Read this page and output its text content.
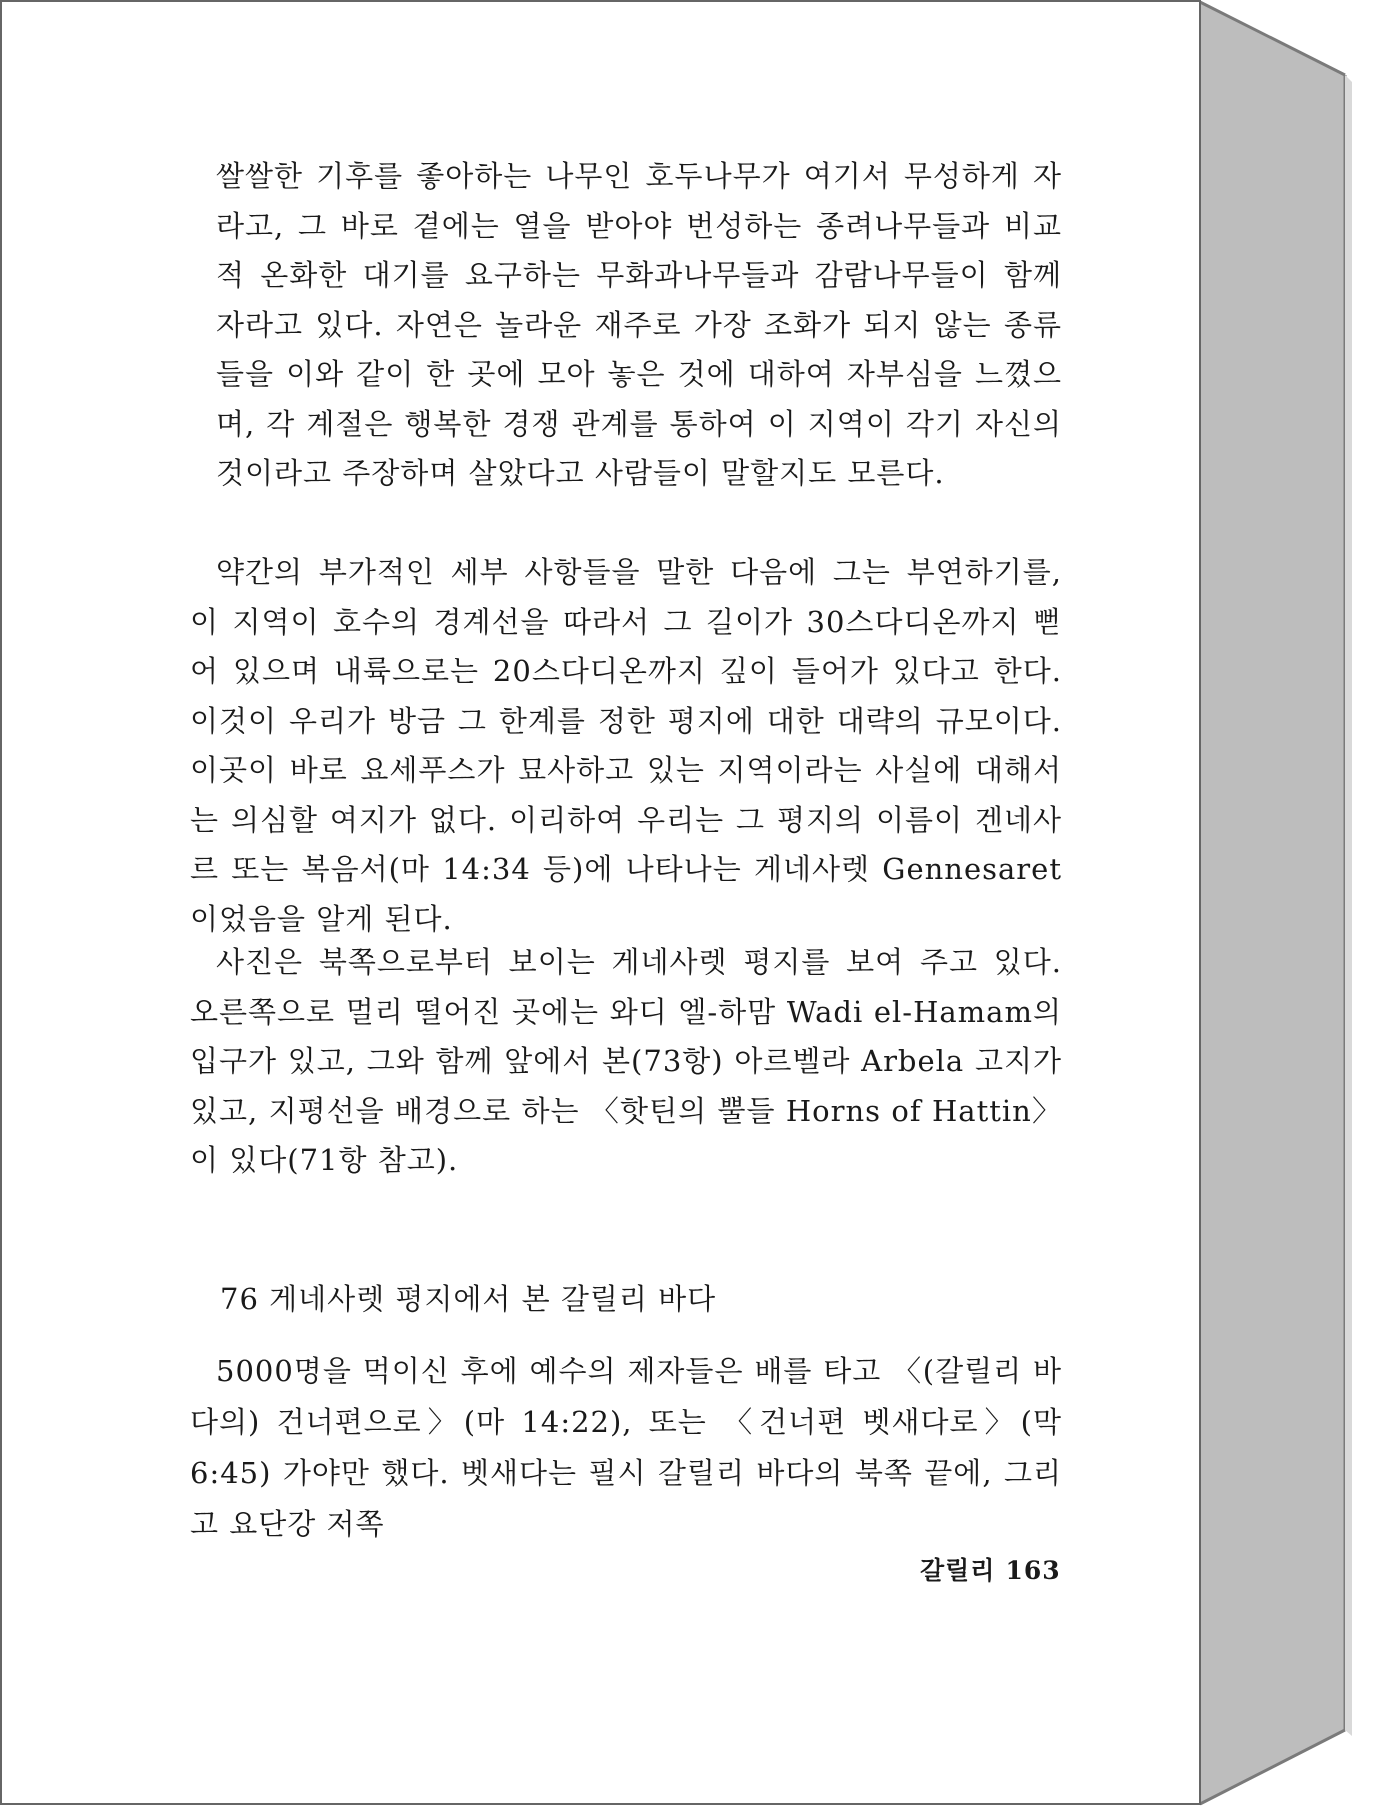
쌀쌀한 기후를 좋아하는 나무인 호두나무가 여기서 무성하게 자라고, 그 바로 곁에는 열을 받아야 번성하는 종려나무들과 비교적 온화한 대기를 요구하는 무화과나무들과 감람나무들이 함께 자라고 있다. 자연은 놀라운 재주로 가장 조화가 되지 않는 종류들을 이와 같이 한 곳에 모아 놓은 것에 대하여 자부심을 느꼈으며, 각 계절은 행복한 경쟁 관계를 통하여 이 지역이 각기 자신의 것이라고 주장하며 살았다고 사람들이 말할지도 모른다.
약간의 부가적인 세부 사항들을 말한 다음에 그는 부연하기를, 이 지역이 호수의 경계선을 따라서 그 길이가 30스다디온까지 뻗어 있으며 내륙으로는 20스다디온까지 깊이 들어가 있다고 한다. 이것이 우리가 방금 그 한계를 정한 평지에 대한 대략의 규모이다. 이곳이 바로 요세푸스가 묘사하고 있는 지역이라는 사실에 대해서는 의심할 여지가 없다. 이리하여 우리는 그 평지의 이름이 겐네사르 또는 복음서(마 14:34 등)에 나타나는 게네사렛 Gennesaret이었음을 알게 된다.
사진은 북쪽으로부터 보이는 게네사렛 평지를 보여 주고 있다. 오른쪽으로 멀리 떨어진 곳에는 와디 엘-하맘 Wadi el-Hamam의 입구가 있고, 그와 함께 앞에서 본(73항) 아르벨라 Arbela 고지가 있고, 지평선을 배경으로 하는 〈핫틴의 뿔들 Horns of Hattin〉이 있다(71항 참고).
76 게네사렛 평지에서 본 갈릴리 바다
5000명을 먹이신 후에 예수의 제자들은 배를 타고 〈(갈릴리 바다의) 건너편으로〉(마 14:22), 또는 〈건너편 벳새다로〉(막 6:45) 가야만 했다. 벳새다는 필시 갈릴리 바다의 북쪽 끝에, 그리고 요단강 저쪽
갈릴리 163
